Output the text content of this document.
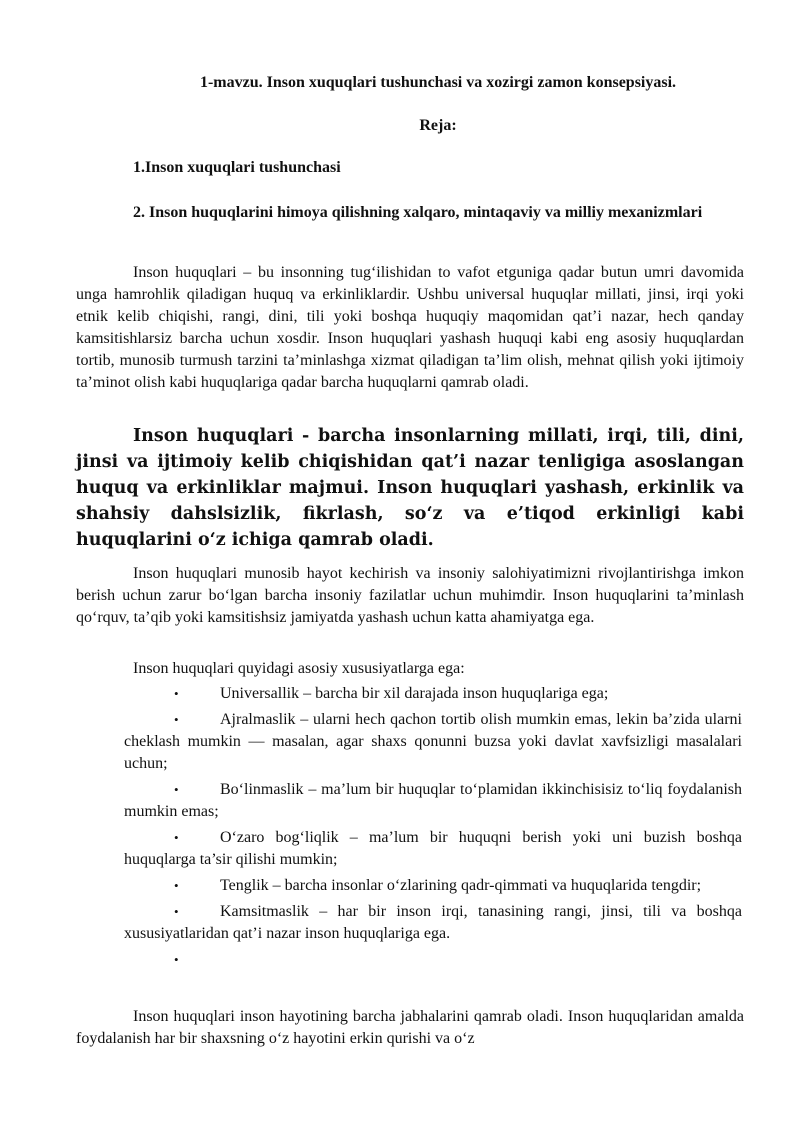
1-mavzu. Inson xuquqlari tushunchasi va xozirgi zamon konsepsiyasi.

Reja:

1.Inson xuquqlari tushunchasi

2. Inson huquqlarini himoya qilishning xalqaro, mintaqaviy va milliy mexanizmlari

Inson huquqlari – bu insonning tug‘ilishidan to vafot etguniga qadar butun umri davomida unga hamrohlik qiladigan huquq va erkinliklardir. Ushbu universal huquqlar millati, jinsi, irqi yoki etnik kelib chiqishi, rangi, dini, tili yoki boshqa huquqiy maqomidan qat’i nazar, hech qanday kamsitishlarsiz barcha uchun xosdir. Inson huquqlari yashash huquqi kabi eng asosiy huquqlardan tortib, munosib turmush tarzini ta’minlashga xizmat qiladigan ta’lim olish, mehnat qilish yoki ijtimoiy ta’minot olish kabi huquqlariga qadar barcha huquqlarni qamrab oladi.

Inson huquqlari - barcha insonlarning millati, irqi, tili, dini, jinsi va ijtimoiy kelib chiqishidan qat’i nazar tenligiga asoslangan huquq va erkinliklar majmui. Inson huquqlari yashash, erkinlik va shahsiy dahslsizlik, fikrlash, so‘z va e’tiqod erkinligi kabi huquqlarini o‘z ichiga qamrab oladi.

Inson huquqlari munosib hayot kechirish va insoniy salohiyatimizni rivojlantirishga imkon berish uchun zarur bo‘lgan barcha insoniy fazilatlar uchun muhimdir. Inson huquqlarini ta’minlash qo‘rquv, ta’qib yoki kamsitishsiz jamiyatda yashash uchun katta ahamiyatga ega.

Inson huquqlari quyidagi asosiy xususiyatlarga ega:

•	Universallik – barcha bir xil darajada inson huquqlariga ega;
•	Ajralmaslik – ularni hech qachon tortib olish mumkin emas, lekin ba’zida ularni cheklash mumkin — masalan, agar shaxs qonunni buzsa yoki davlat xavfsizligi masalalari uchun;
•	Bo‘linmaslik – ma’lum bir huquqlar to‘plamidan ikkinchisisiz to‘liq foydalanish mumkin emas;
•	O‘zaro bog‘liqlik – ma’lum bir huquqni berish yoki uni buzish boshqa huquqlarga ta’sir qilishi mumkin;
•	Tenglik – barcha insonlar o‘zlarining qadr-qimmati va huquqlarida tengdir;
•	Kamsitmaslik – har bir inson irqi, tanasining rangi, jinsi, tili va boshqa xususiyatlaridan qat’i nazar inson huquqlariga ega.
•

Inson huquqlari inson hayotining barcha jabhalarini qamrab oladi. Inson huquqlaridan amalda foydalanish har bir shaxsning o‘z hayotini erkin qurishi va o‘z
